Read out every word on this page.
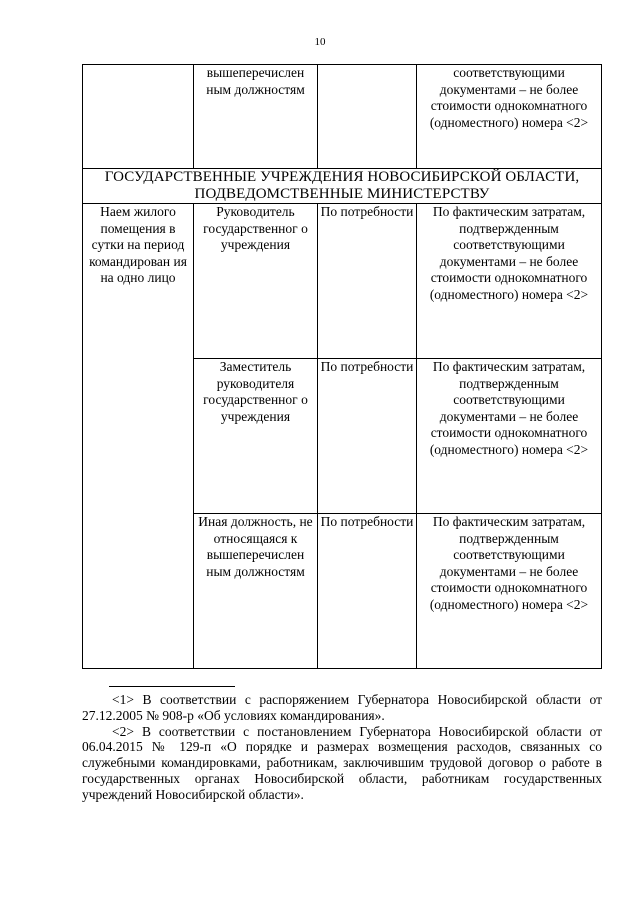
10
	вышеперечислен ным должностям		соответствующими документами – не более стоимости однокомнатного (одноместного) номера <2>
ГОСУДАРСТВЕННЫЕ УЧРЕЖДЕНИЯ НОВОСИБИРСКОЙ ОБЛАСТИ, ПОДВЕДОМСТВЕННЫЕ МИНИСТЕРСТВУ			
Наем жилого помещения в сутки на период командирован ия на одно лицо	Руководитель государственног о учреждения	По потребности	По фактическим затратам, подтвержденным соответствующими документами – не более стоимости однокомнатного (одноместного) номера <2>
	Заместитель руководителя государственног о учреждения	По потребности	По фактическим затратам, подтвержденным соответствующими документами – не более стоимости однокомнатного (одноместного) номера <2>
	Иная должность, не относящаяся к вышеперечислен ным должностям	По потребности	По фактическим затратам, подтвержденным соответствующими документами – не более стоимости однокомнатного (одноместного) номера <2>

<1> В соответствии с распоряжением Губернатора Новосибирской области от 27.12.2005 № 908-р «Об условиях командирования».

<2> В соответствии с постановлением Губернатора Новосибирской области от 06.04.2015 № 129-п «О порядке и размерах возмещения расходов, связанных со служебными командировками, работникам, заключившим трудовой договор о работе в государственных органах Новосибирской области, работникам государственных учреждений Новосибирской области».
